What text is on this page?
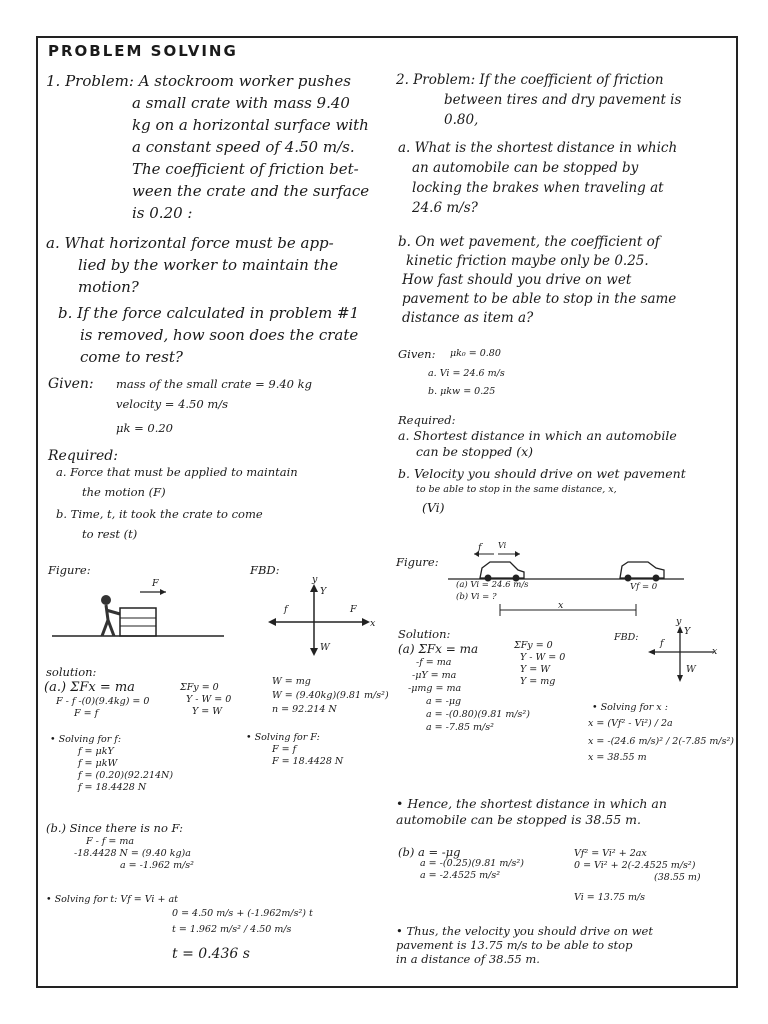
PROBLEM SOLVING
1. Problem: A stockroom worker pushes
a small crate with mass 9.40
kg on a horizontal surface with
a constant speed of 4.50 m/s.
The coefficient of friction bet-
ween the crate and the surface
is 0.20 :
a. What horizontal force must be app-
lied by the worker to maintain the
motion?
b. If the force calculated in problem #1
is removed, how soon does the crate
come to rest?
Given: mass of the small crate = 9.40 kg
velocity = 4.50 m/s
μk = 0.20
Required:
a. Force that must be applied to maintain
the motion (F)
b. Time, t, it took the crate to come
to rest (t)
Figure:
F
FBD:
y
Y
f	F
x
W
solution:
(a.) ΣFx = ma
F - f -(0)(9.4kg) = 0
F = f
ΣFy = 0
Y - W = 0
Y = W
W = mg
W = (9.40kg)(9.81 m/s²)
n = 92.214 N
• Solving for f:
f = μkY
f = μkW
f = (0.20)(92.214N)
f = 18.4428 N
• Solving for F:
F = f
F = 18.4428 N
(b.) Since there is no F:
F - f = ma
-18.4428 N = (9.40 kg)a
a = -1.962 m/s²
• Solving for t: Vf = Vi + at
0 = 4.50 m/s + (-1.962m/s²) t
t = 1.962 m/s² / 4.50 m/s
t = 0.436 s
2. Problem: If the coefficient of friction
between tires and dry pavement is
0.80,
a. What is the shortest distance in which
an automobile can be stopped by
locking the brakes when traveling at
24.6 m/s?
b. On wet pavement, the coefficient of
kinetic friction maybe only be 0.25.
How fast should you drive on wet
pavement to be able to stop in the same
distance as item a?
Given: μk₀ = 0.80
a. Vi = 24.6 m/s
b. μkw = 0.25
Required:
a. Shortest distance in which an automobile
can be stopped (x)
b. Velocity you should drive on wet pavement
to be able to stop in the same distance, x,
(Vi)
Figure:
f Vi
(a) Vi = 24.6 m/s
(b) Vi = ?
Vf = 0
x
Solution:
(a) ΣFx = ma
-f = ma
-μY = ma
-μmg = ma
a = -μg
a = -(0.80)(9.81 m/s²)
a = -7.85 m/s²
ΣFy = 0
Y - W = 0
Y = W
Y = mg
FBD:
y
Y
f
x
W
• Solving for x :
x = (Vf² - Vi²) / 2a
x = -(24.6 m/s)² / 2(-7.85 m/s²)
x = 38.55 m
• Hence, the shortest distance in which an
automobile can be stopped is 38.55 m.
(b) a = -μg
a = -(0.25)(9.81 m/s²)
a = -2.4525 m/s²
Vf² = Vi² + 2ax
0 = Vi² + 2(-2.4525 m/s²)
(38.55 m)
Vi = 13.75 m/s
• Thus, the velocity you should drive on wet
pavement is 13.75 m/s to be able to stop
in a distance of 38.55 m.
